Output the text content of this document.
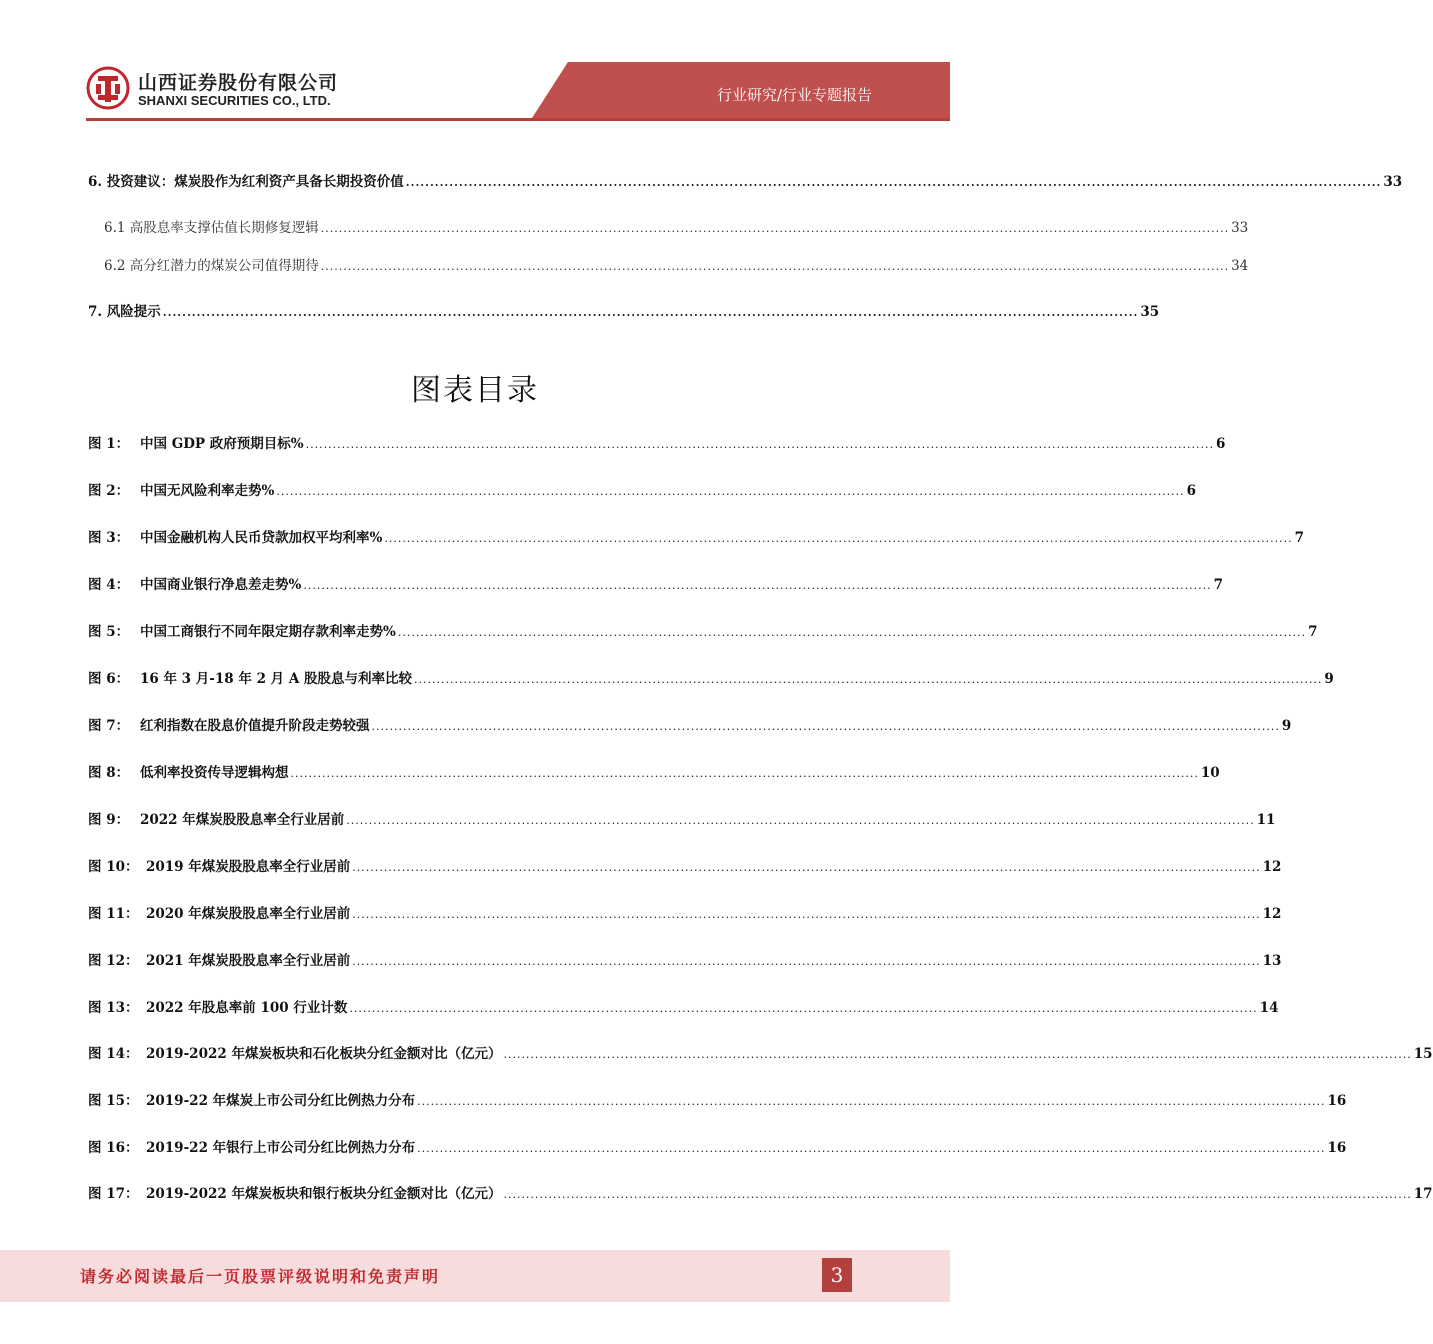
山西证券股份有限公司
SHANXI SECURITIES CO., LTD.	行业研究/行业专题报告
6. 投资建议：煤炭股作为红利资产具备长期投资价值 .......................................................................................................................................................................................................... 33
6.1 高股息率支撑估值长期修复逻辑 .......................................................................................................................................................................................................... 33
6.2 高分红潜力的煤炭公司值得期待 .......................................................................................................................................................................................................... 34
7. 风险提示 .......................................................................................................................................................................................................... 35
图表目录
图 1： 中国 GDP 政府预期目标% .......................................................................................................................................................................................................... 6
图 2： 中国无风险利率走势% .......................................................................................................................................................................................................... 6
图 3： 中国金融机构人民币贷款加权平均利率% .......................................................................................................................................................................................................... 7
图 4： 中国商业银行净息差走势% .......................................................................................................................................................................................................... 7
图 5： 中国工商银行不同年限定期存款利率走势% .......................................................................................................................................................................................................... 7
图 6： 16 年 3 月-18 年 2 月 A 股股息与利率比较 .......................................................................................................................................................................................................... 9
图 7： 红利指数在股息价值提升阶段走势较强 .......................................................................................................................................................................................................... 9
图 8： 低利率投资传导逻辑构想 .......................................................................................................................................................................................................... 10
图 9： 2022 年煤炭股股息率全行业居前 .......................................................................................................................................................................................................... 11
图 10： 2019 年煤炭股股息率全行业居前 .......................................................................................................................................................................................................... 12
图 11： 2020 年煤炭股股息率全行业居前 .......................................................................................................................................................................................................... 12
图 12： 2021 年煤炭股股息率全行业居前 .......................................................................................................................................................................................................... 13
图 13： 2022 年股息率前 100 行业计数 .......................................................................................................................................................................................................... 14
图 14： 2019-2022 年煤炭板块和石化板块分红金额对比（亿元） .......................................................................................................................................................................................................... 15
图 15： 2019-22 年煤炭上市公司分红比例热力分布 .......................................................................................................................................................................................................... 16
图 16： 2019-22 年银行上市公司分红比例热力分布 .......................................................................................................................................................................................................... 16
图 17： 2019-2022 年煤炭板块和银行板块分红金额对比（亿元） .......................................................................................................................................................................................................... 17
请务必阅读最后一页股票评级说明和免责声明	3
